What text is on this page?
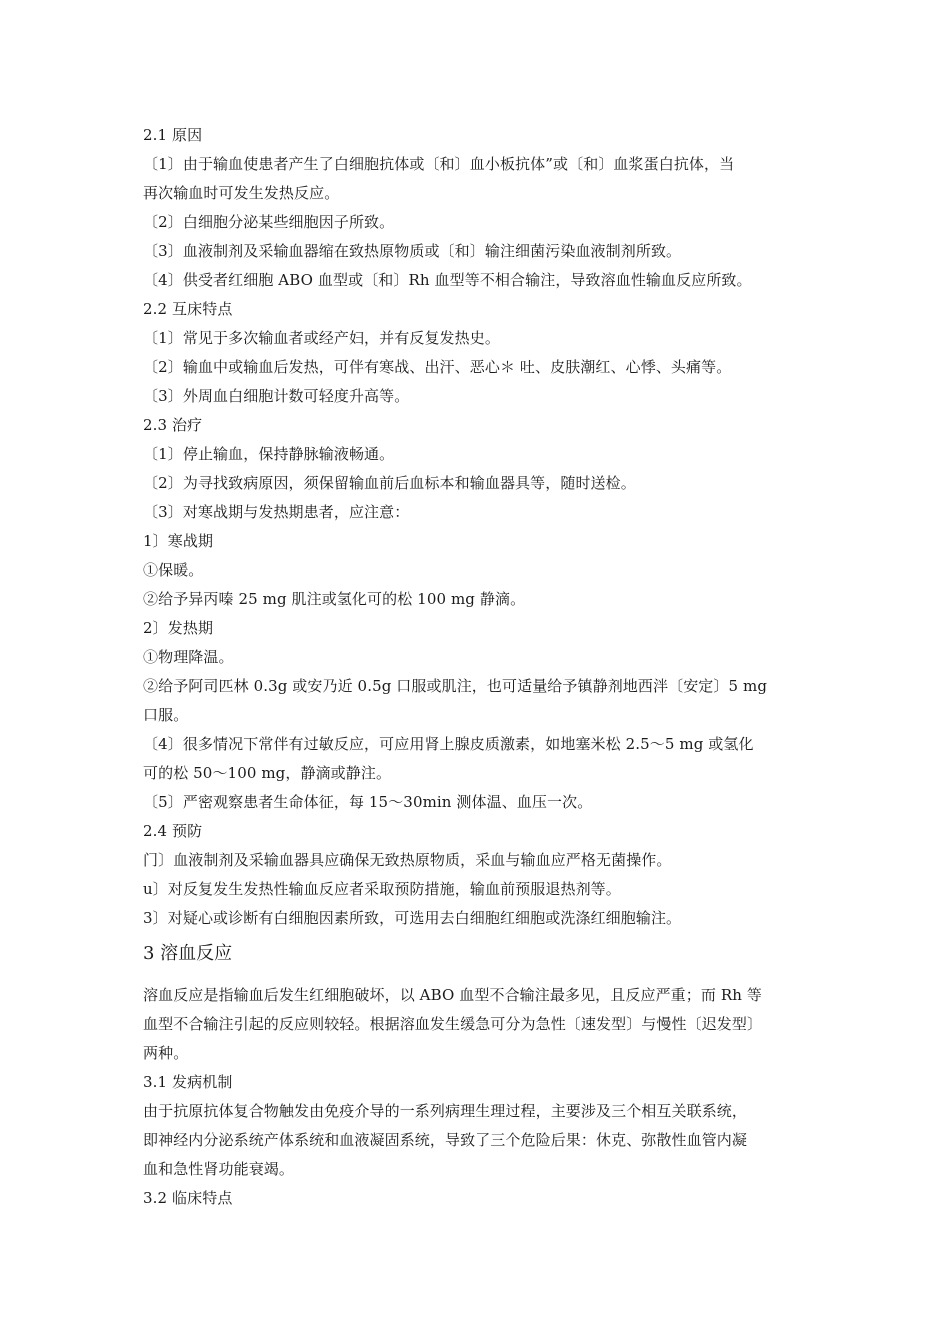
2.1 原因
〔1〕由于输血使患者产生了白细胞抗体或〔和〕血小板抗体”或〔和〕血浆蛋白抗体，当
再次输血时可发生发热反应。
〔2〕白细胞分泌某些细胞因子所致。
〔3〕血液制剂及采输血器缩在致热原物质或〔和〕输注细菌污染血液制剂所致。
〔4〕供受者红细胞 ABO 血型或〔和〕Rh 血型等不相合输注，导致溶血性输血反应所致。
2.2 互床特点
〔1〕常见于多次输血者或经产妇，并有反复发热史。
〔2〕输血中或输血后发热，可伴有寒战、出汗、恶心＊ 吐、皮肤潮红、心悸、头痛等。
〔3〕外周血白细胞计数可轻度升高等。
2.3 治疗
〔1〕停止输血，保持静脉输液畅通。
〔2〕为寻找致病原因，须保留输血前后血标本和输血器具等，随时送检。
〔3〕对寒战期与发热期患者，应注意：
1〕寒战期
①保暖。
②给予异丙嗪 25 mg 肌注或氢化可的松 100 mg 静滴。
2〕发热期
①物理降温。
②给予阿司匹林 0.3g 或安乃近 0.5g 口服或肌注，也可适量给予镇静剂地西泮〔安定〕5 mg
口服。
〔4〕很多情况下常伴有过敏反应，可应用肾上腺皮质激素，如地塞米松 2.5～5 mg 或氢化
可的松 50～100 mg，静滴或静注。
〔5〕严密观察患者生命体征，每 15～30min 测体温、血压一次。
2.4 预防
门〕血液制剂及采输血器具应确保无致热原物质，采血与输血应严格无菌操作。
u〕对反复发生发热性输血反应者采取预防措施，输血前预服退热剂等。
3〕对疑心或诊断有白细胞因素所致，可选用去白细胞红细胞或洗涤红细胞输注。
3 溶血反应
溶血反应是指输血后发生红细胞破坏，以 ABO 血型不合输注最多见，且反应严重；而 Rh 等
血型不合输注引起的反应则较轻。根据溶血发生缓急可分为急性〔速发型〕与慢性〔迟发型〕
两种。
3.1 发病机制
由于抗原抗体复合物触发由免疫介导的一系列病理生理过程，主要涉及三个相互关联系统，
即神经内分泌系统产体系统和血液凝固系统，导致了三个危险后果：休克、弥散性血管内凝
血和急性肾功能衰竭。
3.2 临床特点
